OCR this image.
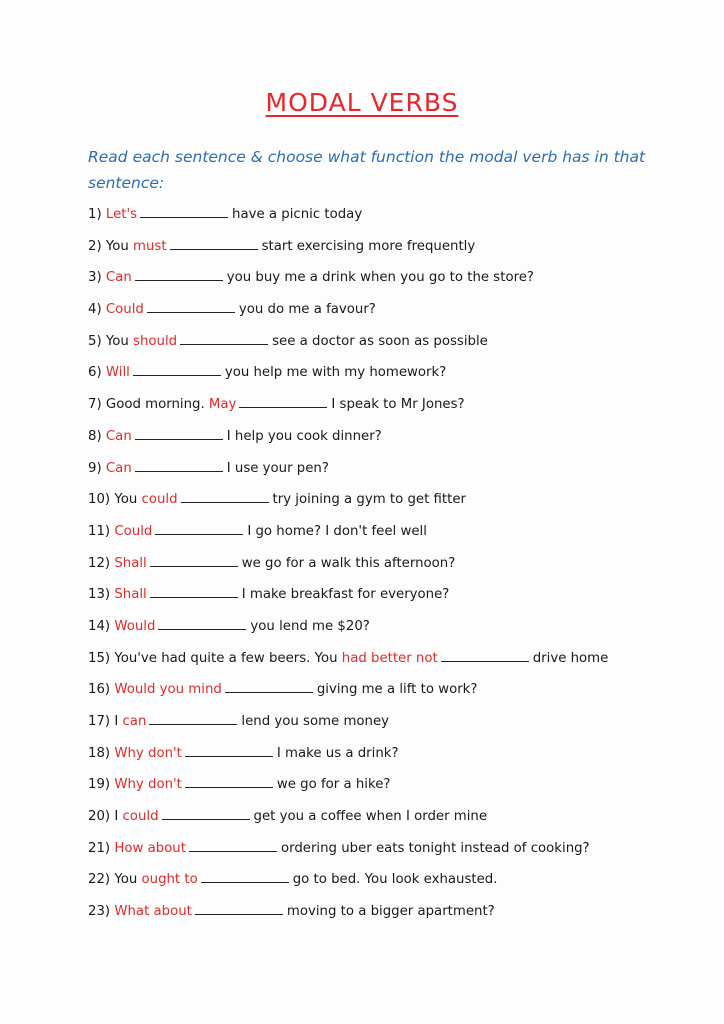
MODAL VERBS
Read each sentence & choose what function the modal verb has in that sentence:
1) Let's	have a picnic today
2) You must	start exercising more frequently
3) Can	you buy me a drink when you go to the store?
4) Could	you do me a favour?
5) You should	see a doctor as soon as possible
6) Will	you help me with my homework?
7) Good morning. May	I speak to Mr Jones?
8) Can	I help you cook dinner?
9) Can	I use your pen?
10) You could	try joining a gym to get fitter
11) Could	I go home? I don't feel well
12) Shall	we go for a walk this afternoon?
13) Shall	I make breakfast for everyone?
14) Would	you lend me $20?
15) You've had quite a few beers. You had better not	drive home
16) Would you mind	giving me a lift to work?
17) I can	lend you some money
18) Why don't	I make us a drink?
19) Why don't	we go for a hike?
20) I could	get you a coffee when I order mine
21) How about	ordering uber eats tonight instead of cooking?
22) You ought to	go to bed. You look exhausted.
23) What about	moving to a bigger apartment?
